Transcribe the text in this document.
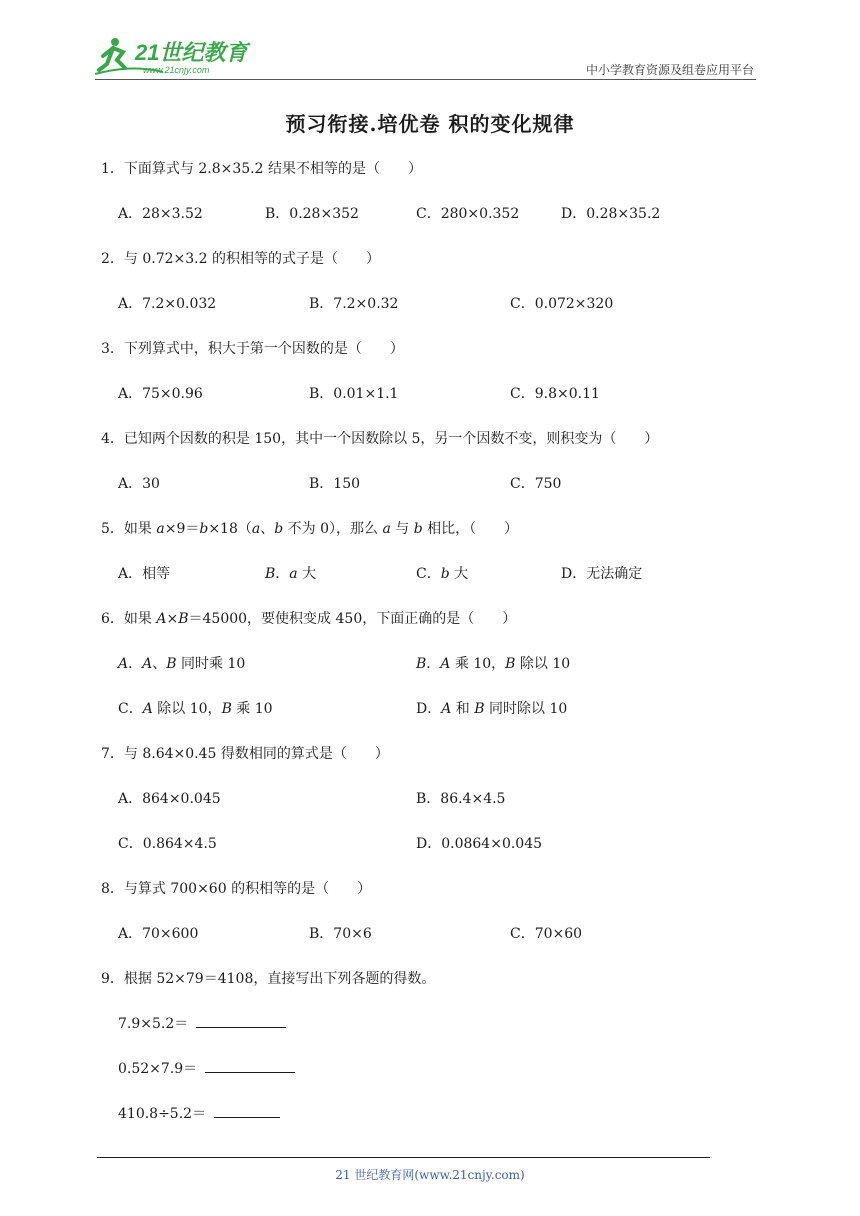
21世纪教育
www.21cnjy.com	中小学教育资源及组卷应用平台
预习衔接.培优卷 积的变化规律
1．下面算式与 2.8×35.2 结果不相等的是（　　）
A．28×3.52	B．0.28×352	C．280×0.352	D．0.28×35.2
2．与 0.72×3.2 的积相等的式子是（　　）
A．7.2×0.032	B．7.2×0.32	C．0.072×320
3．下列算式中，积大于第一个因数的是（　　）
A．75×0.96	B．0.01×1.1	C．9.8×0.11
4．已知两个因数的积是 150，其中一个因数除以 5，另一个因数不变，则积变为（　　）
A．30	B．150	C．750
5．如果 a×9＝b×18（a、b 不为 0），那么 a 与 b 相比，（　　）
A．相等	B．a 大	C．b 大	D．无法确定
6．如果 A×B＝45000，要使积变成 450，下面正确的是（　　）
A．A、B 同时乘 10	B．A 乘 10，B 除以 10
C．A 除以 10，B 乘 10	D．A 和 B 同时除以 10
7．与 8.64×0.45 得数相同的算式是（　　）
A．864×0.045	B．86.4×4.5
C．0.864×4.5	D．0.0864×0.045
8．与算式 700×60 的积相等的是（　　）
A．70×600	B．70×6	C．70×60
9．根据 52×79＝4108，直接写出下列各题的得数。
7.9×5.2＝
0.52×7.9＝
410.8÷5.2＝
21 世纪教育网(www.21cnjy.com)
